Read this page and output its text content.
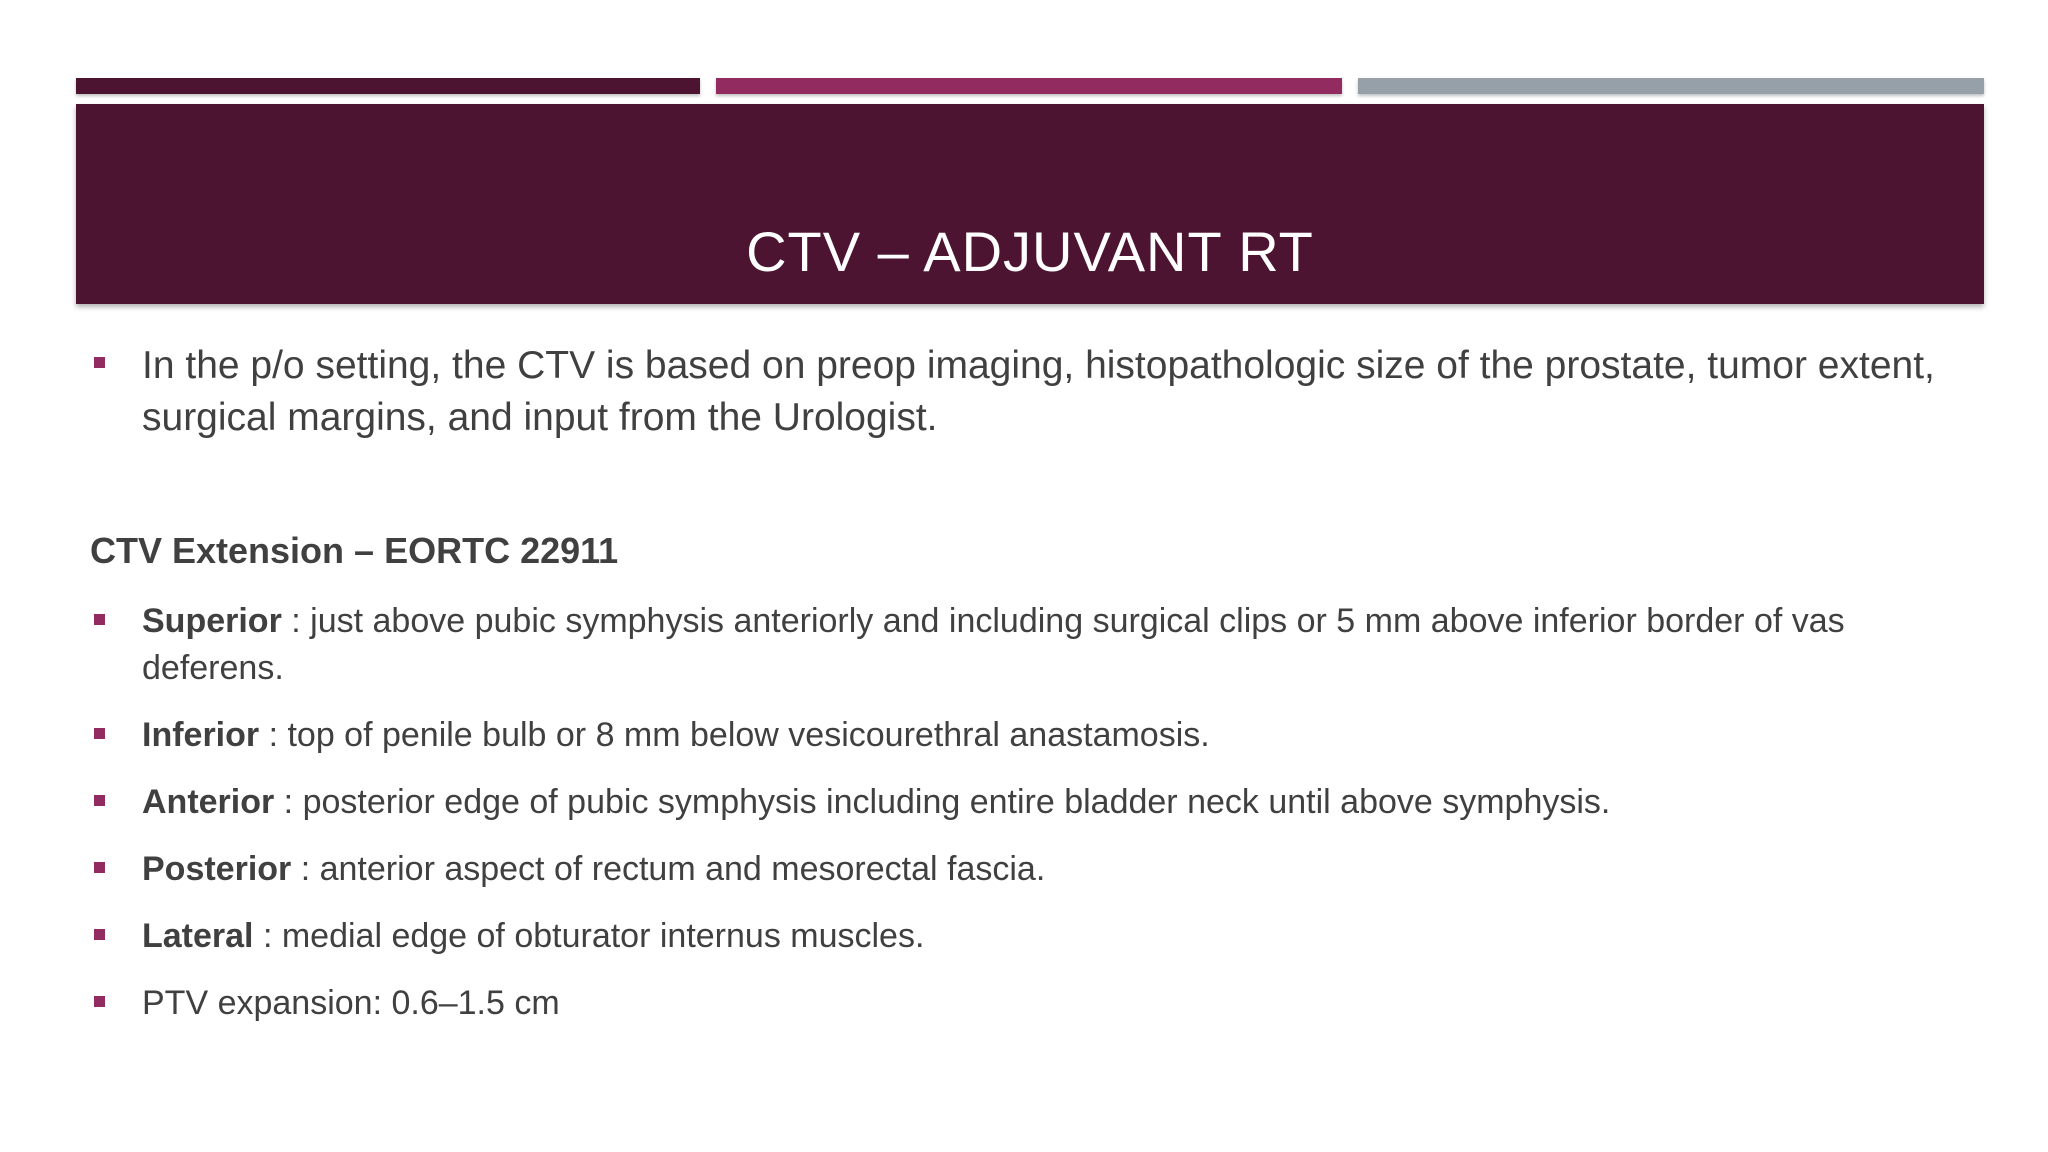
CTV – ADJUVANT RT

In the p/o setting, the CTV is based on preop imaging, histopathologic size of the prostate, tumor extent, surgical margins, and input from the Urologist.

CTV Extension – EORTC 22911

Superior : just above pubic symphysis anteriorly and including surgical clips or 5 mm above inferior border of vas deferens.
Inferior : top of penile bulb or 8 mm below vesicourethral anastamosis.
Anterior : posterior edge of pubic symphysis including entire bladder neck until above symphysis.
Posterior : anterior aspect of rectum and mesorectal fascia.
Lateral : medial edge of obturator internus muscles.
PTV expansion: 0.6–1.5 cm
